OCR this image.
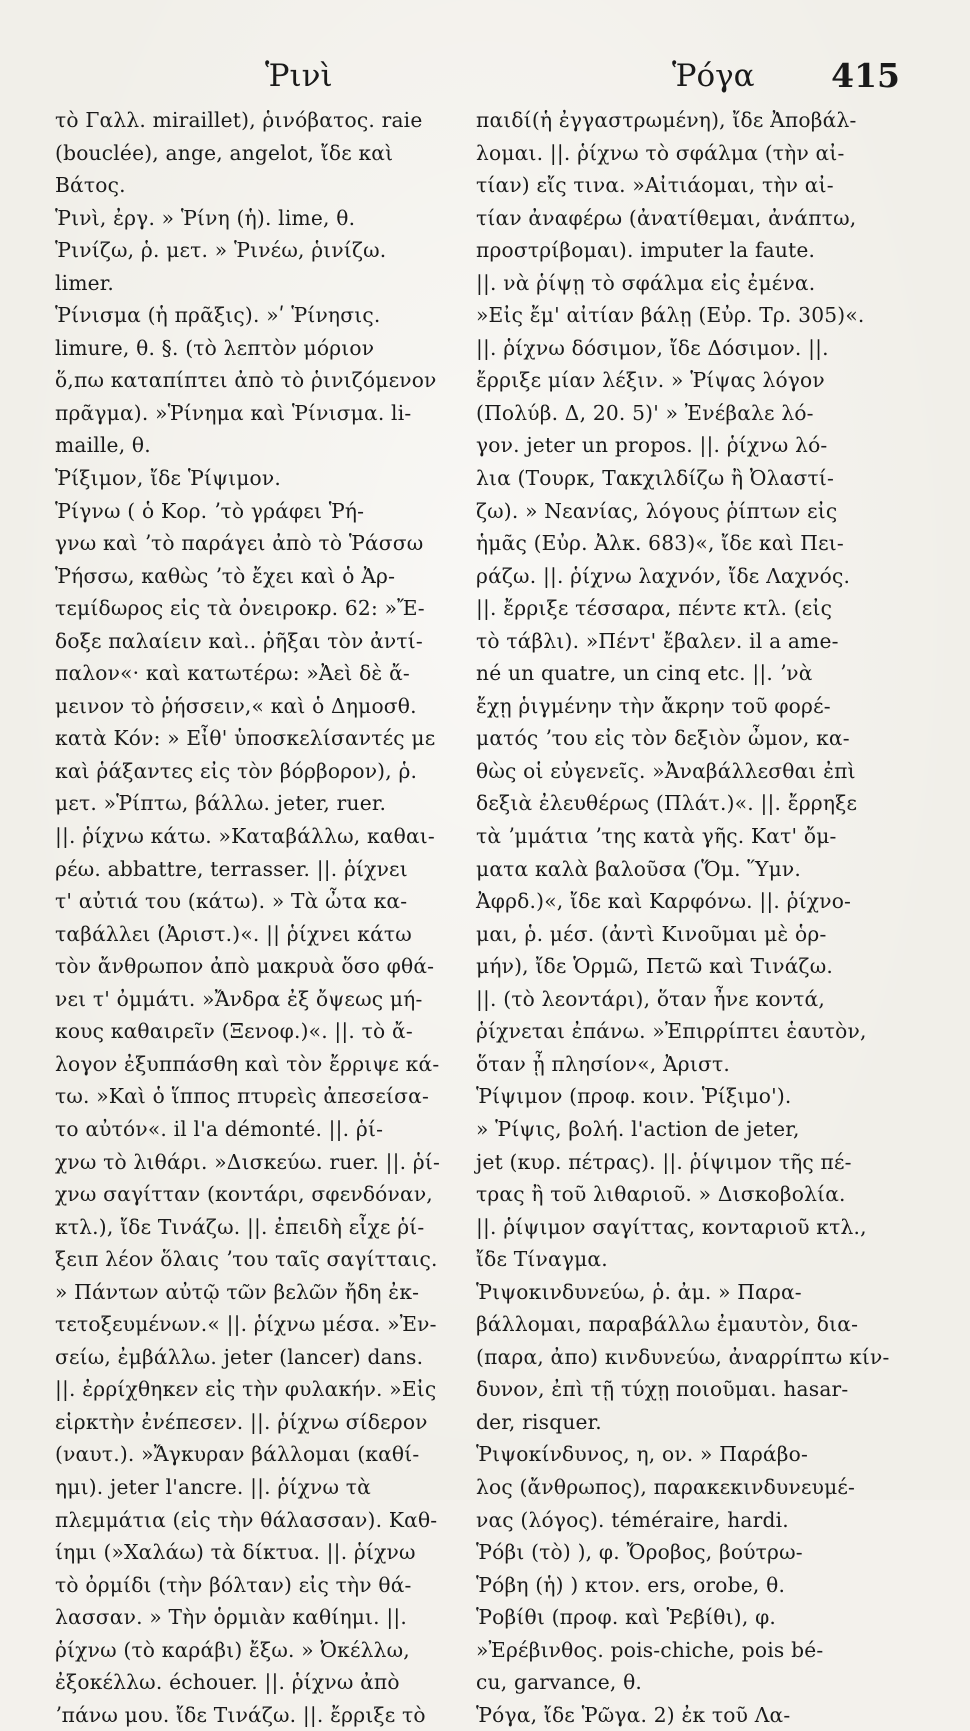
Ῥινὶ	Ῥόγα 415
τὸ Γαλλ. miraillet), ῥινόβατος. raie
(bouclée), ange, angelot, ἴδε καὶ
Βάτος.
Ῥινὶ, ἐργ. » Ῥίνη (ἡ). lime, θ.
Ῥινίζω, ῥ. μετ. » Ῥινέω, ῥινίζω.
limer.
Ῥίνισμα (ἡ πρᾶξις). »ʹ Ῥίνησις.
limure, θ. §. (τὸ λεπτὸν μόριον
ὅ,πω καταπίπτει ἀπὸ τὸ ῥινιζόμενον
πρᾶγμα). »Ῥίνημα καὶ Ῥίνισμα. li-
maille, θ.
Ῥίξιμον, ἴδε Ῥίψιμον.
Ῥίγνω ( ὁ Κορ. ʼτὸ γράφει Ῥή-
γνω καὶ ʼτὸ παράγει ἀπὸ τὸ Ῥάσσω
Ῥήσσω, καθὼς ʼτὸ ἔχει καὶ ὁ Ἀρ-
τεμίδωρος εἰς τὰ ὀνειροκρ. 62: »Ἔ-
δοξε παλαίειν καὶ.. ῥῆξαι τὸν ἀντί-
παλον«· καὶ κατωτέρω: »Ἀεὶ δὲ ἄ-
μεινον τὸ ῥήσσειν,« καὶ ὁ Δημοσθ.
κατὰ Κόν: » Εἶθ' ὑποσκελίσαντές με
καὶ ῥάξαντες εἰς τὸν βόρβορον), ῥ.
μετ. »Ῥίπτω, βάλλω. jeter, ruer.
||. ῥίχνω κάτω. »Καταβάλλω, καθαι-
ρέω. abbattre, terrasser. ||. ῥίχνει
τ' αὐτιά του (κάτω). » Τὰ ὦτα κα-
ταβάλλει (Ἀριστ.)«. || ῥίχνει κάτω
τὸν ἄνθρωπον ἀπὸ μακρυὰ ὅσο φθά-
νει τ' ὀμμάτι. »Ἄνδρα ἐξ ὄψεως μή-
κους καθαιρεῖν (Ξενοφ.)«. ||. τὸ ἄ-
λογον ἐξυππάσθη καὶ τὸν ἔρριψε κά-
τω. »Καὶ ὁ ἵππος πτυρεὶς ἀπεσείσα-
το αὐτόν«. il l'a démonté. ||. ῥί-
χνω τὸ λιθάρι. »Δισκεύω. ruer. ||. ῥί-
χνω σαγίτταν (κοντάρι, σφενδόναν,
κτλ.), ἴδε Τινάζω. ||. ἐπειδὴ εἶχε ῥί-
ξειπ λέον ὅλαις ʼτου ταῖς σαγίτταις.
» Πάντων αὐτῷ τῶν βελῶν ἤδη ἐκ-
τετοξευμένων.« ||. ῥίχνω μέσα. »Ἐν-
σείω, ἐμβάλλω. jeter (lancer) dans.
||. ἐρρίχθηκεν εἰς τὴν φυλακήν. »Εἰς
εἱρκτὴν ἐνέπεσεν. ||. ῥίχνω σίδερον
(ναυτ.). »Ἄγκυραν βάλλομαι (καθί-
ημι). jeter l'ancre. ||. ῥίχνω τὰ
πλεμμάτια (εἰς τὴν θάλασσαν). Καθ-
ίημι (»Χαλάω) τὰ δίκτυα. ||. ῥίχνω
τὸ ὀρμίδι (τὴν βόλταν) εἰς τὴν θά-
λασσαν. » Τὴν ὁρμιὰν καθίημι. ||.
ῥίχνω (τὸ καράβι) ἔξω. » Ὀκέλλω,
ἐξοκέλλω. échouer. ||. ῥίχνω ἀπὸ
ʼπάνω μου. ἴδε Τινάζω. ||. ἔρριξε τὸ
παιδί(ἡ ἐγγαστρωμένη), ἴδε Ἀποβάλ-
λομαι. ||. ῥίχνω τὸ σφάλμα (τὴν αἰ-
τίαν) εἴς τινα. »Αἰτιάομαι, τὴν αἰ-
τίαν ἀναφέρω (ἀνατίθεμαι, ἀνάπτω,
προστρίβομαι). imputer la faute.
||. νὰ ῥίψῃ τὸ σφάλμα εἰς ἐμένα.
»Εἰς ἔμ' αἰτίαν βάλῃ (Εὐρ. Τρ. 305)«.
||. ῥίχνω δόσιμον, ἴδε Δόσιμον. ||.
ἔρριξε μίαν λέξιν. » Ῥίψας λόγον
(Πολύβ. Δ, 20. 5)' » Ἐνέβαλε λό-
γον. jeter un propos. ||. ῥίχνω λό-
λια (Τουρκ, Τακχιλδίζω ἢ Ὀλαστί-
ζω). » Νεανίας, λόγους ῥίπτων εἰς
ἡμᾶς (Εὐρ. Ἀλκ. 683)«, ἴδε καὶ Πει-
ράζω. ||. ῥίχνω λαχνόν, ἴδε Λαχνός.
||. ἔρριξε τέσσαρα, πέντε κτλ. (εἰς
τὸ τάβλι). »Πέντ' ἔβαλεν. il a ame-
né un quatre, un cinq etc. ||. ʼνὰ
ἔχῃ ῥιγμένην τὴν ἄκρην τοῦ φορέ-
ματός ʼτου εἰς τὸν δεξιὸν ὦμον, κα-
θὼς οἱ εὐγενεῖς. »Ἀναβάλλεσθαι ἐπὶ
δεξιὰ ἐλευθέρως (Πλάτ.)«. ||. ἔρρηξε
τὰ ʼμμάτια ʼτης κατὰ γῆς. Κατ' ὄμ-
ματα καλὰ βαλοῦσα (Ὅμ. Ὕμν.
Ἀφρδ.)«, ἴδε καὶ Καρφόνω. ||. ῥίχνο-
μαι, ῥ. μέσ. (ἀντὶ Κινοῦμαι μὲ ὁρ-
μήν), ἴδε Ὁρμῶ, Πετῶ καὶ Τινάζω.
||. (τὸ λεοντάρι), ὅταν ἦνε κοντά,
ῥίχνεται ἐπάνω. »Ἐπιρρίπτει ἑαυτὸν,
ὅταν ᾖ πλησίον«, Ἀριστ.
Ῥίψιμον (προφ. κοιν. Ῥίξιμο').
» Ῥίψις, βολή. l'action de jeter,
jet (κυρ. πέτρας). ||. ῥίψιμον τῆς πέ-
τρας ἢ τοῦ λιθαριοῦ. » Δισκοβολία.
||. ῥίψιμον σαγίττας, κονταριοῦ κτλ.,
ἴδε Τίναγμα.
Ῥιψοκινδυνεύω, ῥ. ἀμ. » Παρα-
βάλλομαι, παραβάλλω ἐμαυτὸν, δια-
(παρα, ἀπο) κινδυνεύω, ἀναρρίπτω κίν-
δυνον, ἐπὶ τῇ τύχῃ ποιοῦμαι. hasar-
der, risquer.
Ῥιψοκίνδυνος, η, ον. » Παράβο-
λος (ἄνθρωπος), παρακεκινδυνευμέ-
νας (λόγος). téméraire, hardi.
Ῥόβι (τὸ) ), φ. Ὄροβος, βούτρω-
Ῥόβη (ἡ) ) κτον. ers, orobe, θ.
Ῥοβίθι (προφ. καὶ Ῥεβίθι), φ.
»Ἐρέβινθος. pois-chiche, pois bé-
cu, garvance, θ.
Ῥόγα, ἴδε Ῥῶγα. 2) ἐκ τοῦ Λα-
